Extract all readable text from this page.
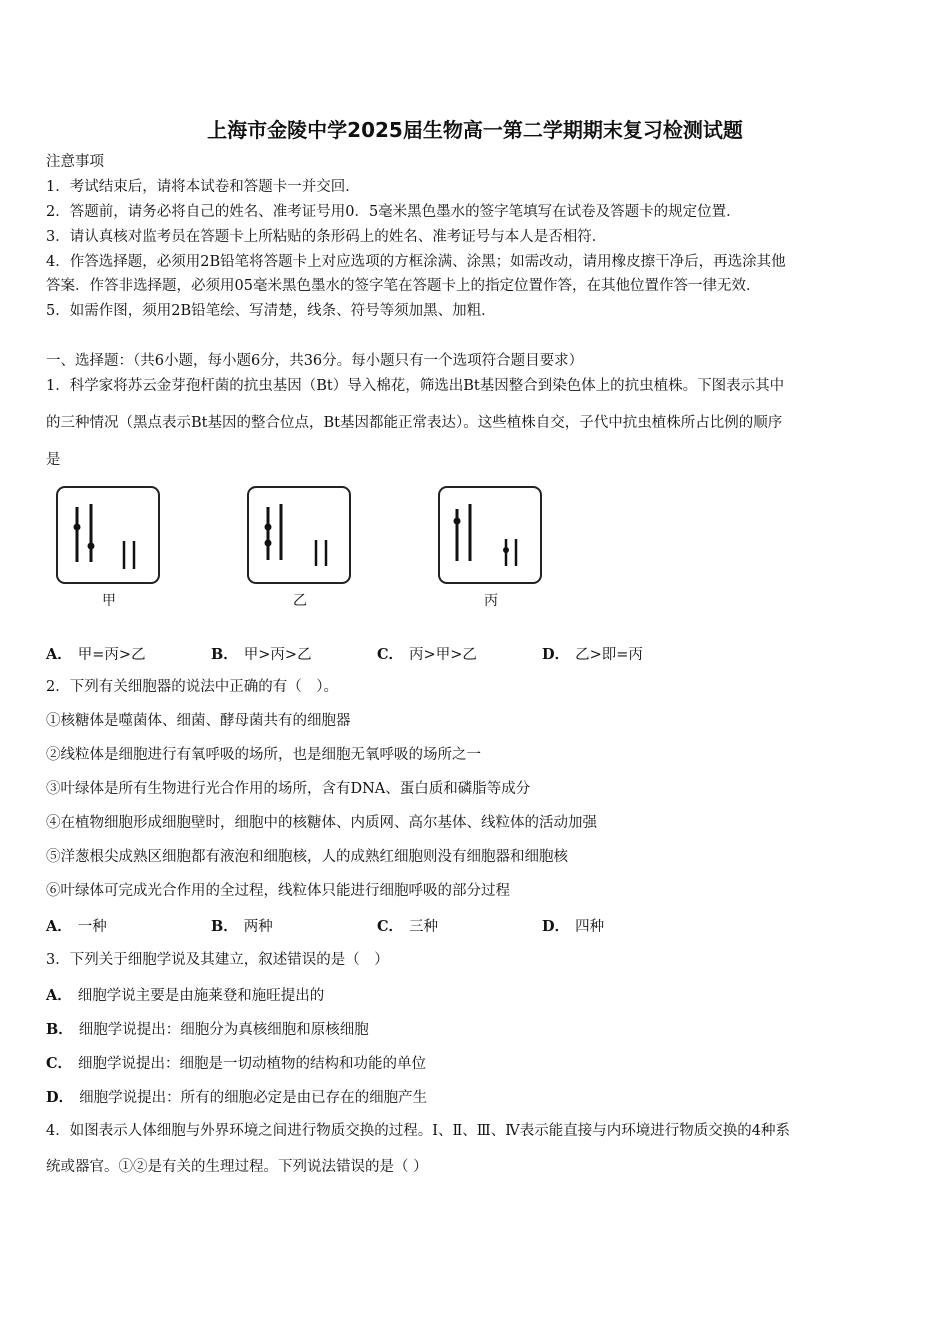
上海市金陵中学2025届生物高一第二学期期末复习检测试题
注意事项
1．考试结束后，请将本试卷和答题卡一并交回．
2．答题前，请务必将自己的姓名、准考证号用0．5毫米黑色墨水的签字笔填写在试卷及答题卡的规定位置．
3．请认真核对监考员在答题卡上所粘贴的条形码上的姓名、准考证号与本人是否相符．
4．作答选择题，必须用2B铅笔将答题卡上对应选项的方框涂满、涂黑；如需改动，请用橡皮擦干净后，再选涂其他
答案．作答非选择题，必须用05毫米黑色墨水的签字笔在答题卡上的指定位置作答，在其他位置作答一律无效．
5．如需作图，须用2B铅笔绘、写清楚，线条、符号等须加黑、加粗．
一、选择题：（共6小题，每小题6分，共36分。每小题只有一个选项符合题目要求）
1．科学家将苏云金芽孢杆菌的抗虫基因（Bt）导入棉花，筛选出Bt基因整合到染色体上的抗虫植株。下图表示其中
的三种情况（黑点表示Bt基因的整合位点，Bt基因都能正常表达）。这些植株自交，子代中抗虫植株所占比例的顺序
是
甲	乙	丙
A． 甲=丙>乙	B． 甲>丙>乙	C． 丙>甲>乙	D． 乙>即=丙
2．下列有关细胞器的说法中正确的有（　）。
①核糖体是噬菌体、细菌、酵母菌共有的细胞器
②线粒体是细胞进行有氧呼吸的场所，也是细胞无氧呼吸的场所之一
③叶绿体是所有生物进行光合作用的场所，含有DNA、蛋白质和磷脂等成分
④在植物细胞形成细胞壁时，细胞中的核糖体、内质网、高尔基体、线粒体的活动加强
⑤洋葱根尖成熟区细胞都有液泡和细胞核，人的成熟红细胞则没有细胞器和细胞核
⑥叶绿体可完成光合作用的全过程，线粒体只能进行细胞呼吸的部分过程
A． 一种	B． 两种	C． 三种	D． 四种
3．下列关于细胞学说及其建立，叙述错误的是（　）
A． 细胞学说主要是由施莱登和施旺提出的
B． 细胞学说提出：细胞分为真核细胞和原核细胞
C． 细胞学说提出：细胞是一切动植物的结构和功能的单位
D． 细胞学说提出：所有的细胞必定是由已存在的细胞产生
4．如图表示人体细胞与外界环境之间进行物质交换的过程。Ⅰ、Ⅱ、Ⅲ、Ⅳ表示能直接与内环境进行物质交换的4种系
统或器官。①②是有关的生理过程。下列说法错误的是（ ）
